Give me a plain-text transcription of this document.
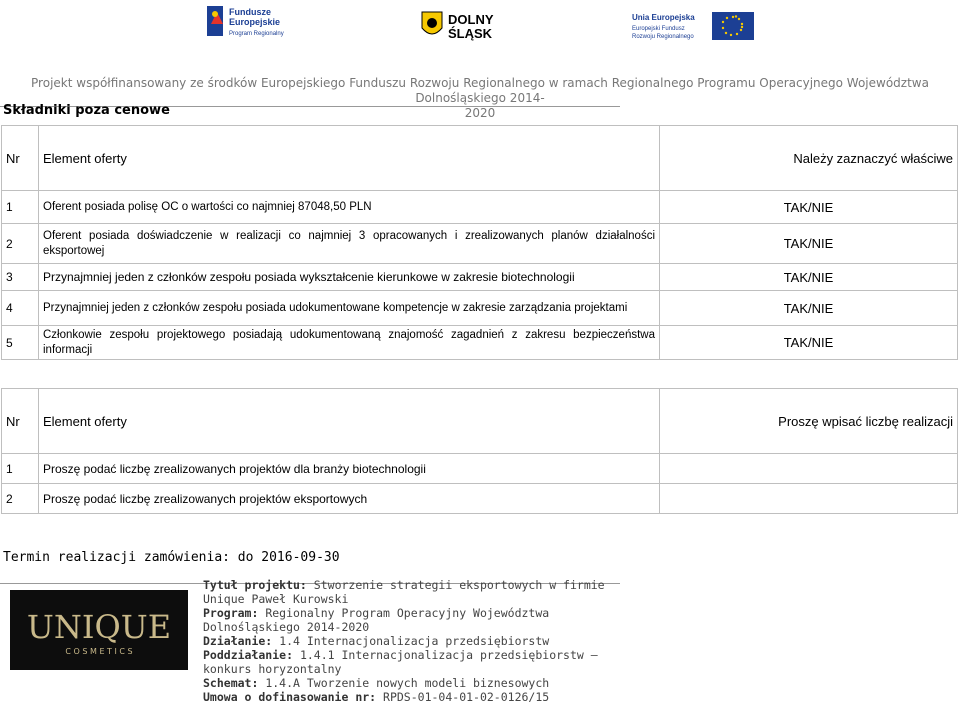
Fundusze
Europejskie
Program Regionalny
DOLNY
ŚLĄSK
Unia Europejska
Europejski Fundusz
Rozwoju Regionalnego
Projekt współfinansowany ze środków Europejskiego Funduszu Rozwoju Regionalnego w ramach Regionalnego Programu Operacyjnego Województwa Dolnośląskiego 2014-
2020
Składniki poza cenowe
Nr	Element oferty	Należy zaznaczyć właściwe
1	Oferent posiada polisę OC o wartości co najmniej 87048,50 PLN	TAK/NIE
2	Oferent posiada doświadczenie w realizacji co najmniej 3 opracowanych i zrealizowanych planów działalności eksportowej	TAK/NIE
3	Przynajmniej jeden z członków zespołu posiada wykształcenie kierunkowe w zakresie biotechnologii	TAK/NIE
4	Przynajmniej jeden z członków zespołu posiada udokumentowane kompetencje w zakresie zarządzania projektami	TAK/NIE
5	Członkowie zespołu projektowego posiadają udokumentowaną znajomość zagadnień z zakresu bezpieczeństwa informacji	TAK/NIE
Nr	Element oferty	Proszę wpisać liczbę realizacji
1	Proszę podać liczbę zrealizowanych projektów dla branży biotechnologii	
2	Proszę podać liczbę zrealizowanych projektów eksportowych	
Termin realizacji zamówienia: do 2016-09-30
UNIQUE
C O S M E T I C S
Tytuł projektu: Stworzenie strategii eksportowych w firmie Unique Paweł Kurowski
Program: Regionalny Program Operacyjny Województwa Dolnośląskiego 2014-2020
Działanie: 1.4 Internacjonalizacja przedsiębiorstw
Poddziałanie: 1.4.1 Internacjonalizacja przedsiębiorstw – konkurs horyzontalny
Schemat: 1.4.A Tworzenie nowych modeli biznesowych
Umowa o dofinasowanie nr: RPDS-01-04-01-02-0126/15
